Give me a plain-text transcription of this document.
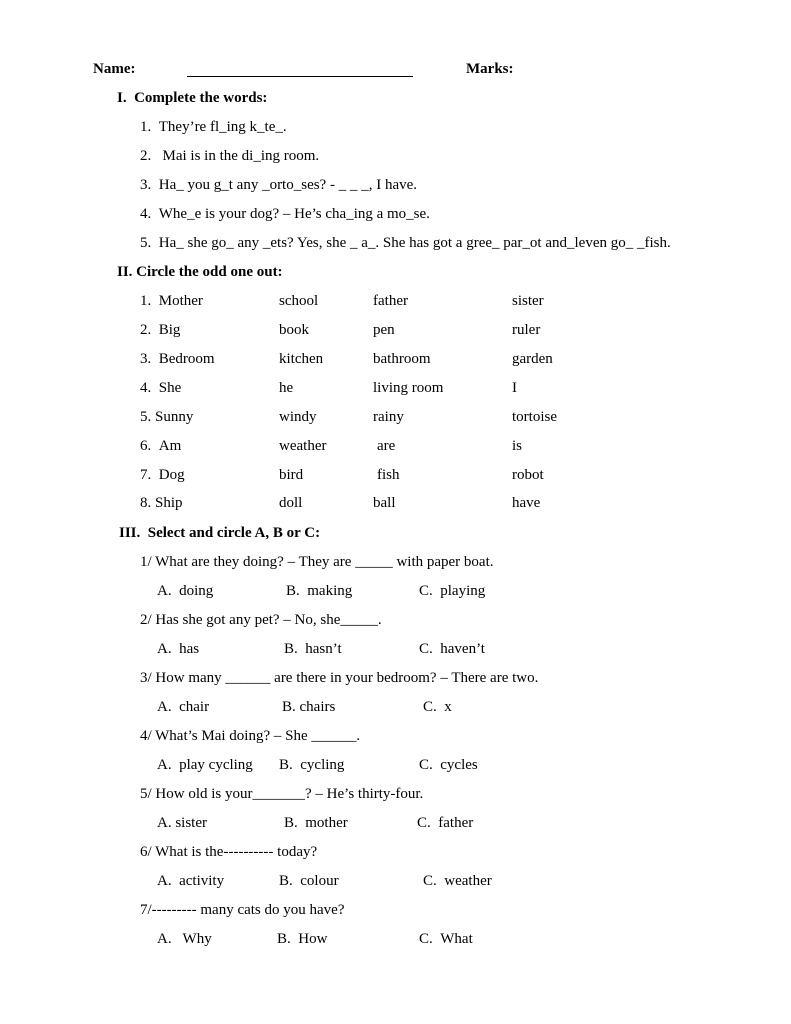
Name:	Marks:
I.  Complete the words:
1.  They’re fl_ing k_te_.
2.   Mai is in the di_ing room.
3.  Ha_ you g_t any _orto_ses? - _ _ _, I have.
4.  Whe_e is your dog? – He’s cha_ing a mo_se.
5.  Ha_ she go_ any _ets? Yes, she _ a_. She has got a gree_ par_ot and_leven go_ _fish.
II. Circle the odd one out:
1.  Mother	school	father	sister
2.  Big	book	pen	ruler
3.  Bedroom	kitchen	bathroom	garden
4.  She	he	living room	I
5. Sunny	windy	rainy	tortoise
6.  Am	weather	are	is
7.  Dog	bird	fish	robot
8. Ship	doll	ball	have
III.  Select and circle A, B or C:
1/ What are they doing? – They are _____ with paper boat.
A.  doing	B.  making	C.  playing
2/ Has she got any pet? – No, she_____.
A.  has	B.  hasn’t	C.  haven’t
3/ How many ______ are there in your bedroom? – There are two.
A.  chair	B. chairs	C.  x
4/ What’s Mai doing? – She ______.
A.  play cycling B.  cycling	C.  cycles
5/ How old is your_______? – He’s thirty-four.
A. sister	B.  mother	C.  father
6/ What is the---------- today?
A.  activity	B.  colour	C.  weather
7/--------- many cats do you have?
A.   Why	B.  How	C.  What
